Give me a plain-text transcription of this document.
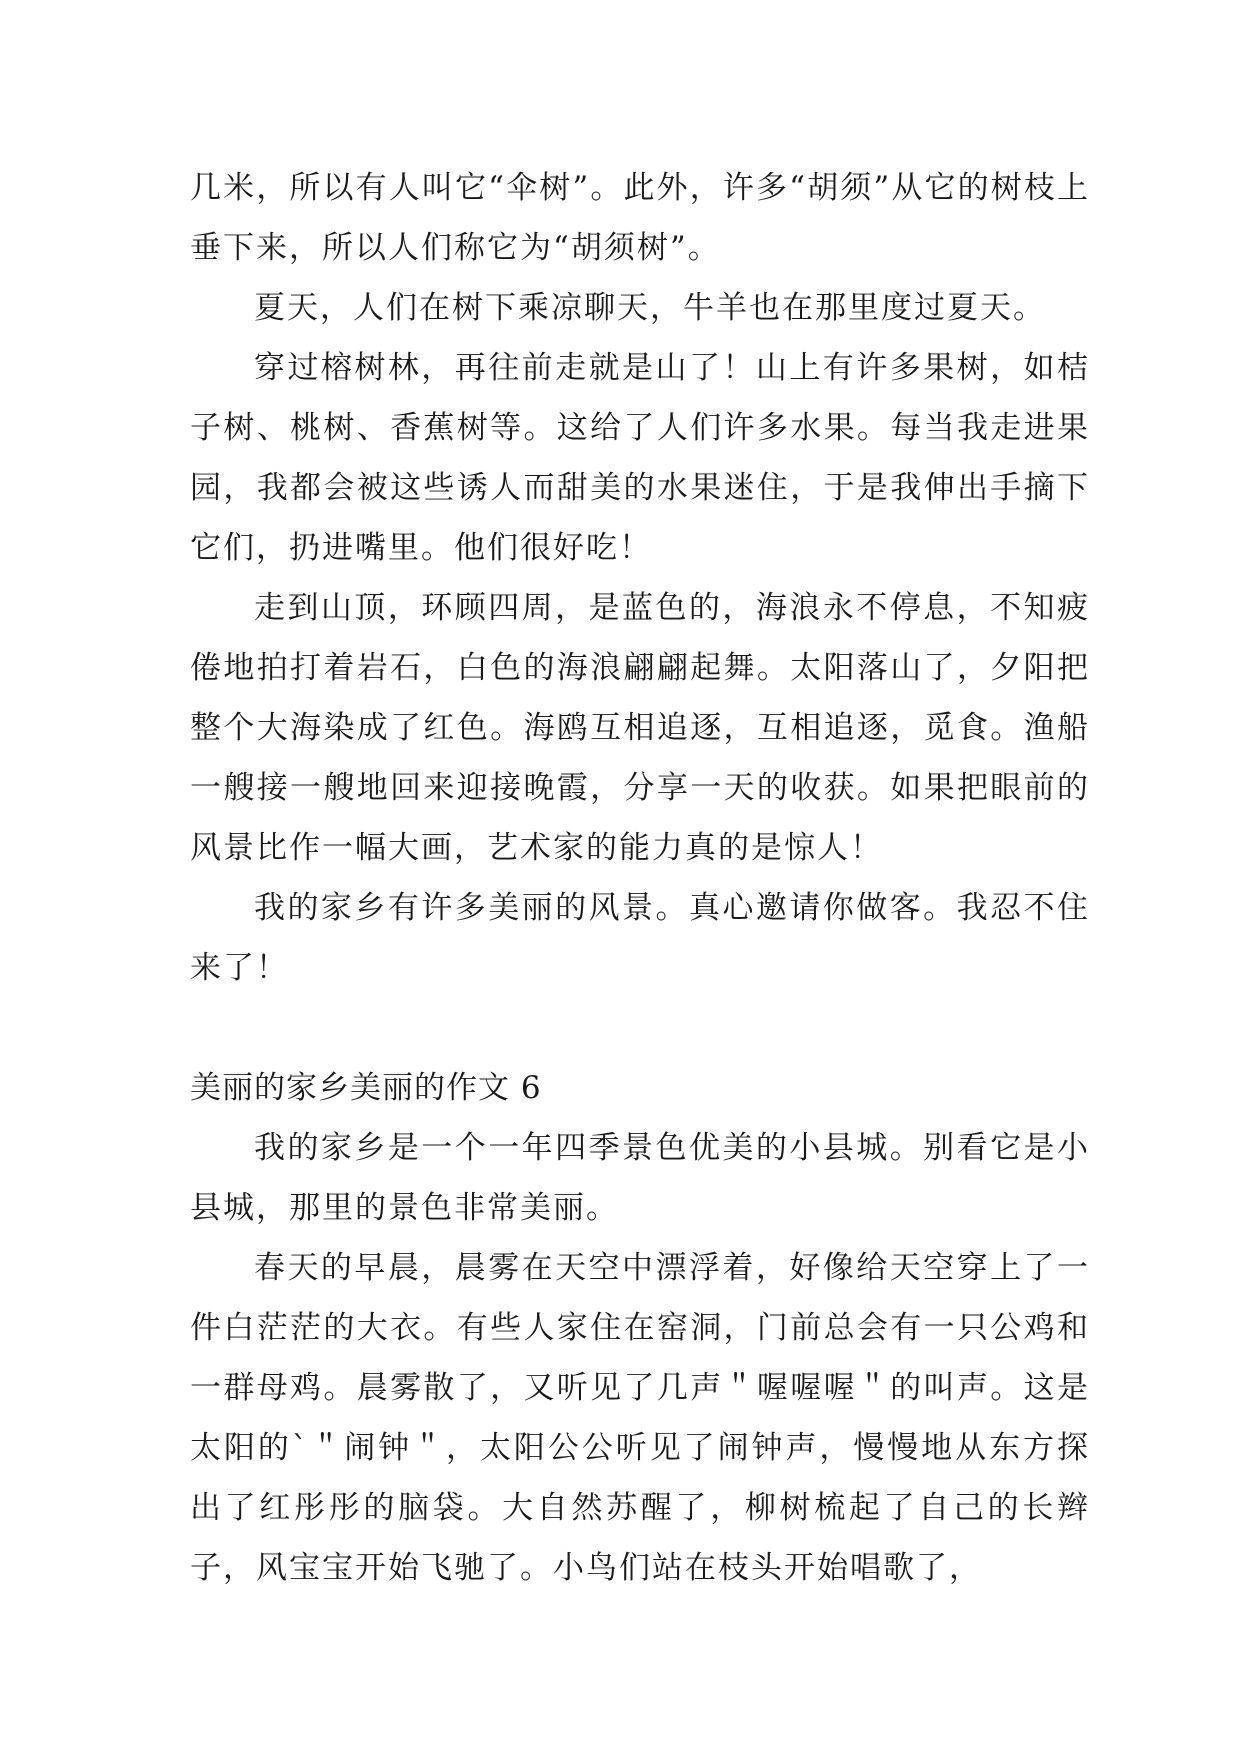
几米，所以有人叫它“伞树”。此外，许多“胡须”从它的树枝上垂下来，所以人们称它为“胡须树”。

夏天，人们在树下乘凉聊天，牛羊也在那里度过夏天。

穿过榕树林，再往前走就是山了！山上有许多果树，如桔子树、桃树、香蕉树等。这给了人们许多水果。每当我走进果园，我都会被这些诱人而甜美的水果迷住，于是我伸出手摘下它们，扔进嘴里。他们很好吃！

走到山顶，环顾四周，是蓝色的，海浪永不停息，不知疲倦地拍打着岩石，白色的海浪翩翩起舞。太阳落山了，夕阳把整个大海染成了红色。海鸥互相追逐，互相追逐，觅食。渔船一艘接一艘地回来迎接晚霞，分享一天的收获。如果把眼前的风景比作一幅大画，艺术家的能力真的是惊人！

我的家乡有许多美丽的风景。真心邀请你做客。我忍不住来了！

美丽的家乡美丽的作文 6

我的家乡是一个一年四季景色优美的小县城。别看它是小县城，那里的景色非常美丽。

春天的早晨，晨雾在天空中漂浮着，好像给天空穿上了一件白茫茫的大衣。有些人家住在窑洞，门前总会有一只公鸡和一群母鸡。晨雾散了，又听见了几声＂喔喔喔＂的叫声。这是太阳的`＂闹钟＂，太阳公公听见了闹钟声，慢慢地从东方探出了红彤彤的脑袋。大自然苏醒了，柳树梳起了自己的长辫子，风宝宝开始飞驰了。小鸟们站在枝头开始唱歌了，
